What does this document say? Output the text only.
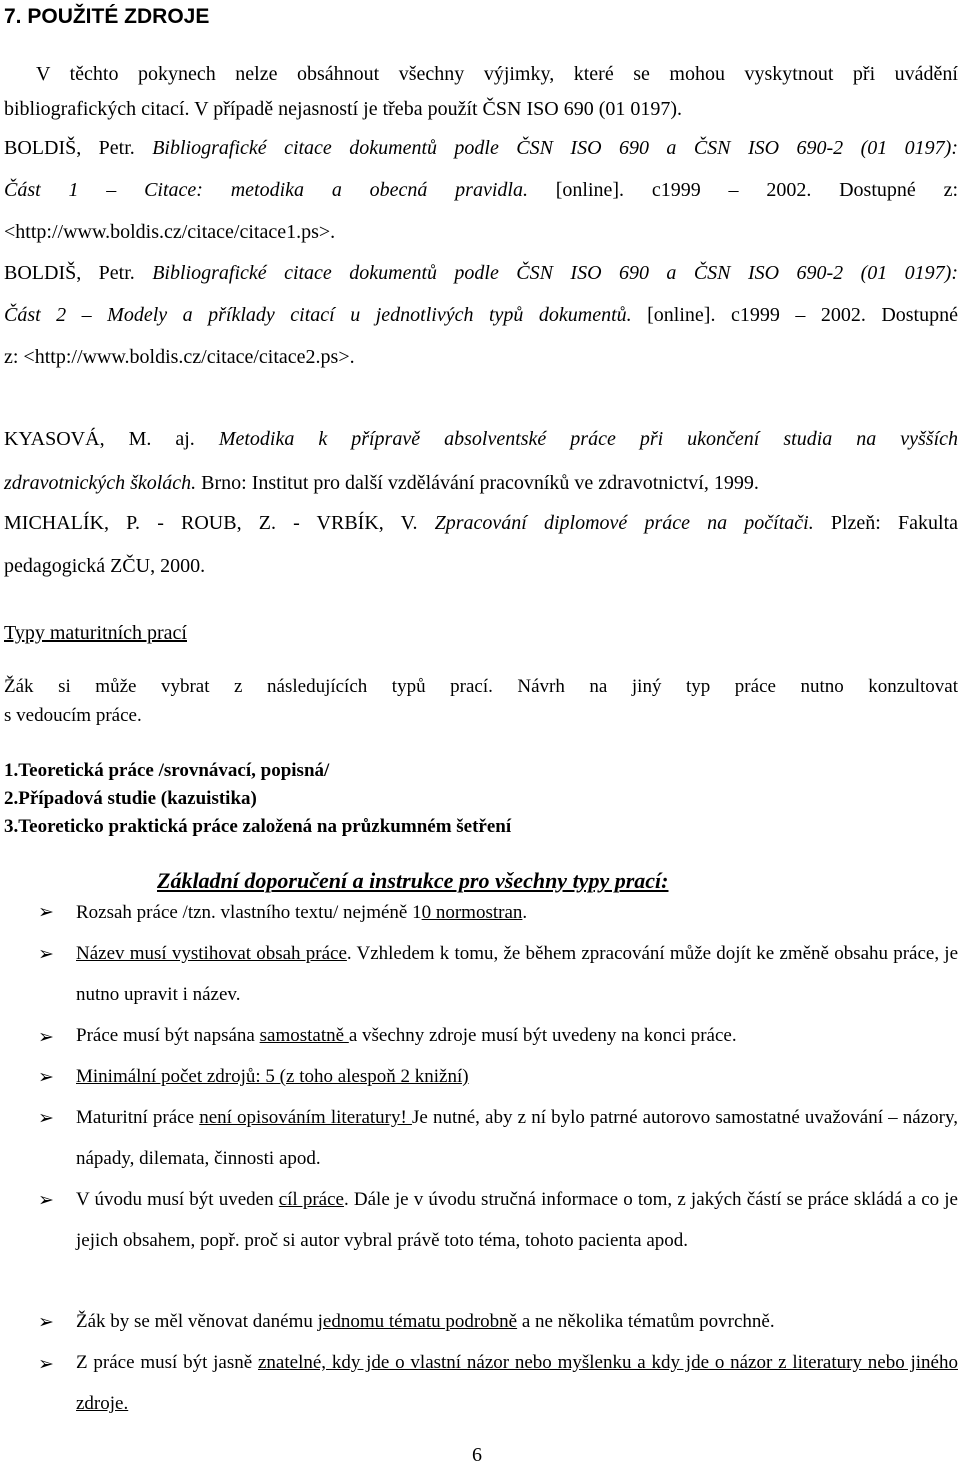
7. POUŽITÉ ZDROJE
V těchto pokynech nelze obsáhnout všechny výjimky, které se mohou vyskytnout při uvádění
bibliografických citací. V případě nejasností je třeba použít ČSN ISO 690 (01 0197).
BOLDIŠ, Petr. Bibliografické citace dokumentů podle ČSN ISO 690 a ČSN ISO 690-2 (01 0197):
Část 1 – Citace: metodika a obecná pravidla. [online]. c1999 – 2002. Dostupné z:
<http://www.boldis.cz/citace/citace1.ps>.
BOLDIŠ, Petr. Bibliografické citace dokumentů podle ČSN ISO 690 a ČSN ISO 690-2 (01 0197):
Část 2 – Modely a příklady citací u jednotlivých typů dokumentů. [online]. c1999 – 2002. Dostupné
z: <http://www.boldis.cz/citace/citace2.ps>.
KYASOVÁ, M. aj. Metodika k přípravě absolventské práce při ukončení studia na vyšších
zdravotnických školách. Brno: Institut pro další vzdělávání pracovníků ve zdravotnictví, 1999.
MICHALÍK, P. - ROUB, Z. - VRBÍK, V. Zpracování diplomové práce na počítači. Plzeň: Fakulta
pedagogická ZČU, 2000.
Typy maturitních prací
Žák si může vybrat z následujících typů prací. Návrh na jiný typ práce nutno konzultovat
s vedoucím práce.
1.Teoretická práce /srovnávací, popisná/
2.Případová studie (kazuistika)
3.Teoreticko praktická práce založená na průzkumném šetření
Základní doporučení a instrukce pro všechny typy prací:
➢ Rozsah práce /tzn. vlastního textu/ nejméně 10 normostran.
➢ Název musí vystihovat obsah práce. Vzhledem k tomu, že během zpracování může dojít ke změně obsahu práce, je nutno upravit i název.
➢ Práce musí být napsána samostatně a všechny zdroje musí být uvedeny na konci práce.
➢ Minimální počet zdrojů: 5 (z toho alespoň 2 knižní)
➢ Maturitní práce není opisováním literatury! Je nutné, aby z ní bylo patrné autorovo samostatné uvažování – názory, nápady, dilemata, činnosti apod.
➢ V úvodu musí být uveden cíl práce. Dále je v úvodu stručná informace o tom, z jakých částí se práce skládá a co je jejich obsahem, popř. proč si autor vybral právě toto téma, tohoto pacienta apod.
➢ Žák by se měl věnovat danému jednomu tématu podrobně a ne několika tématům povrchně.
➢ Z práce musí být jasně znatelné, kdy jde o vlastní názor nebo myšlenku a kdy jde o názor z literatury nebo jiného zdroje.
6
